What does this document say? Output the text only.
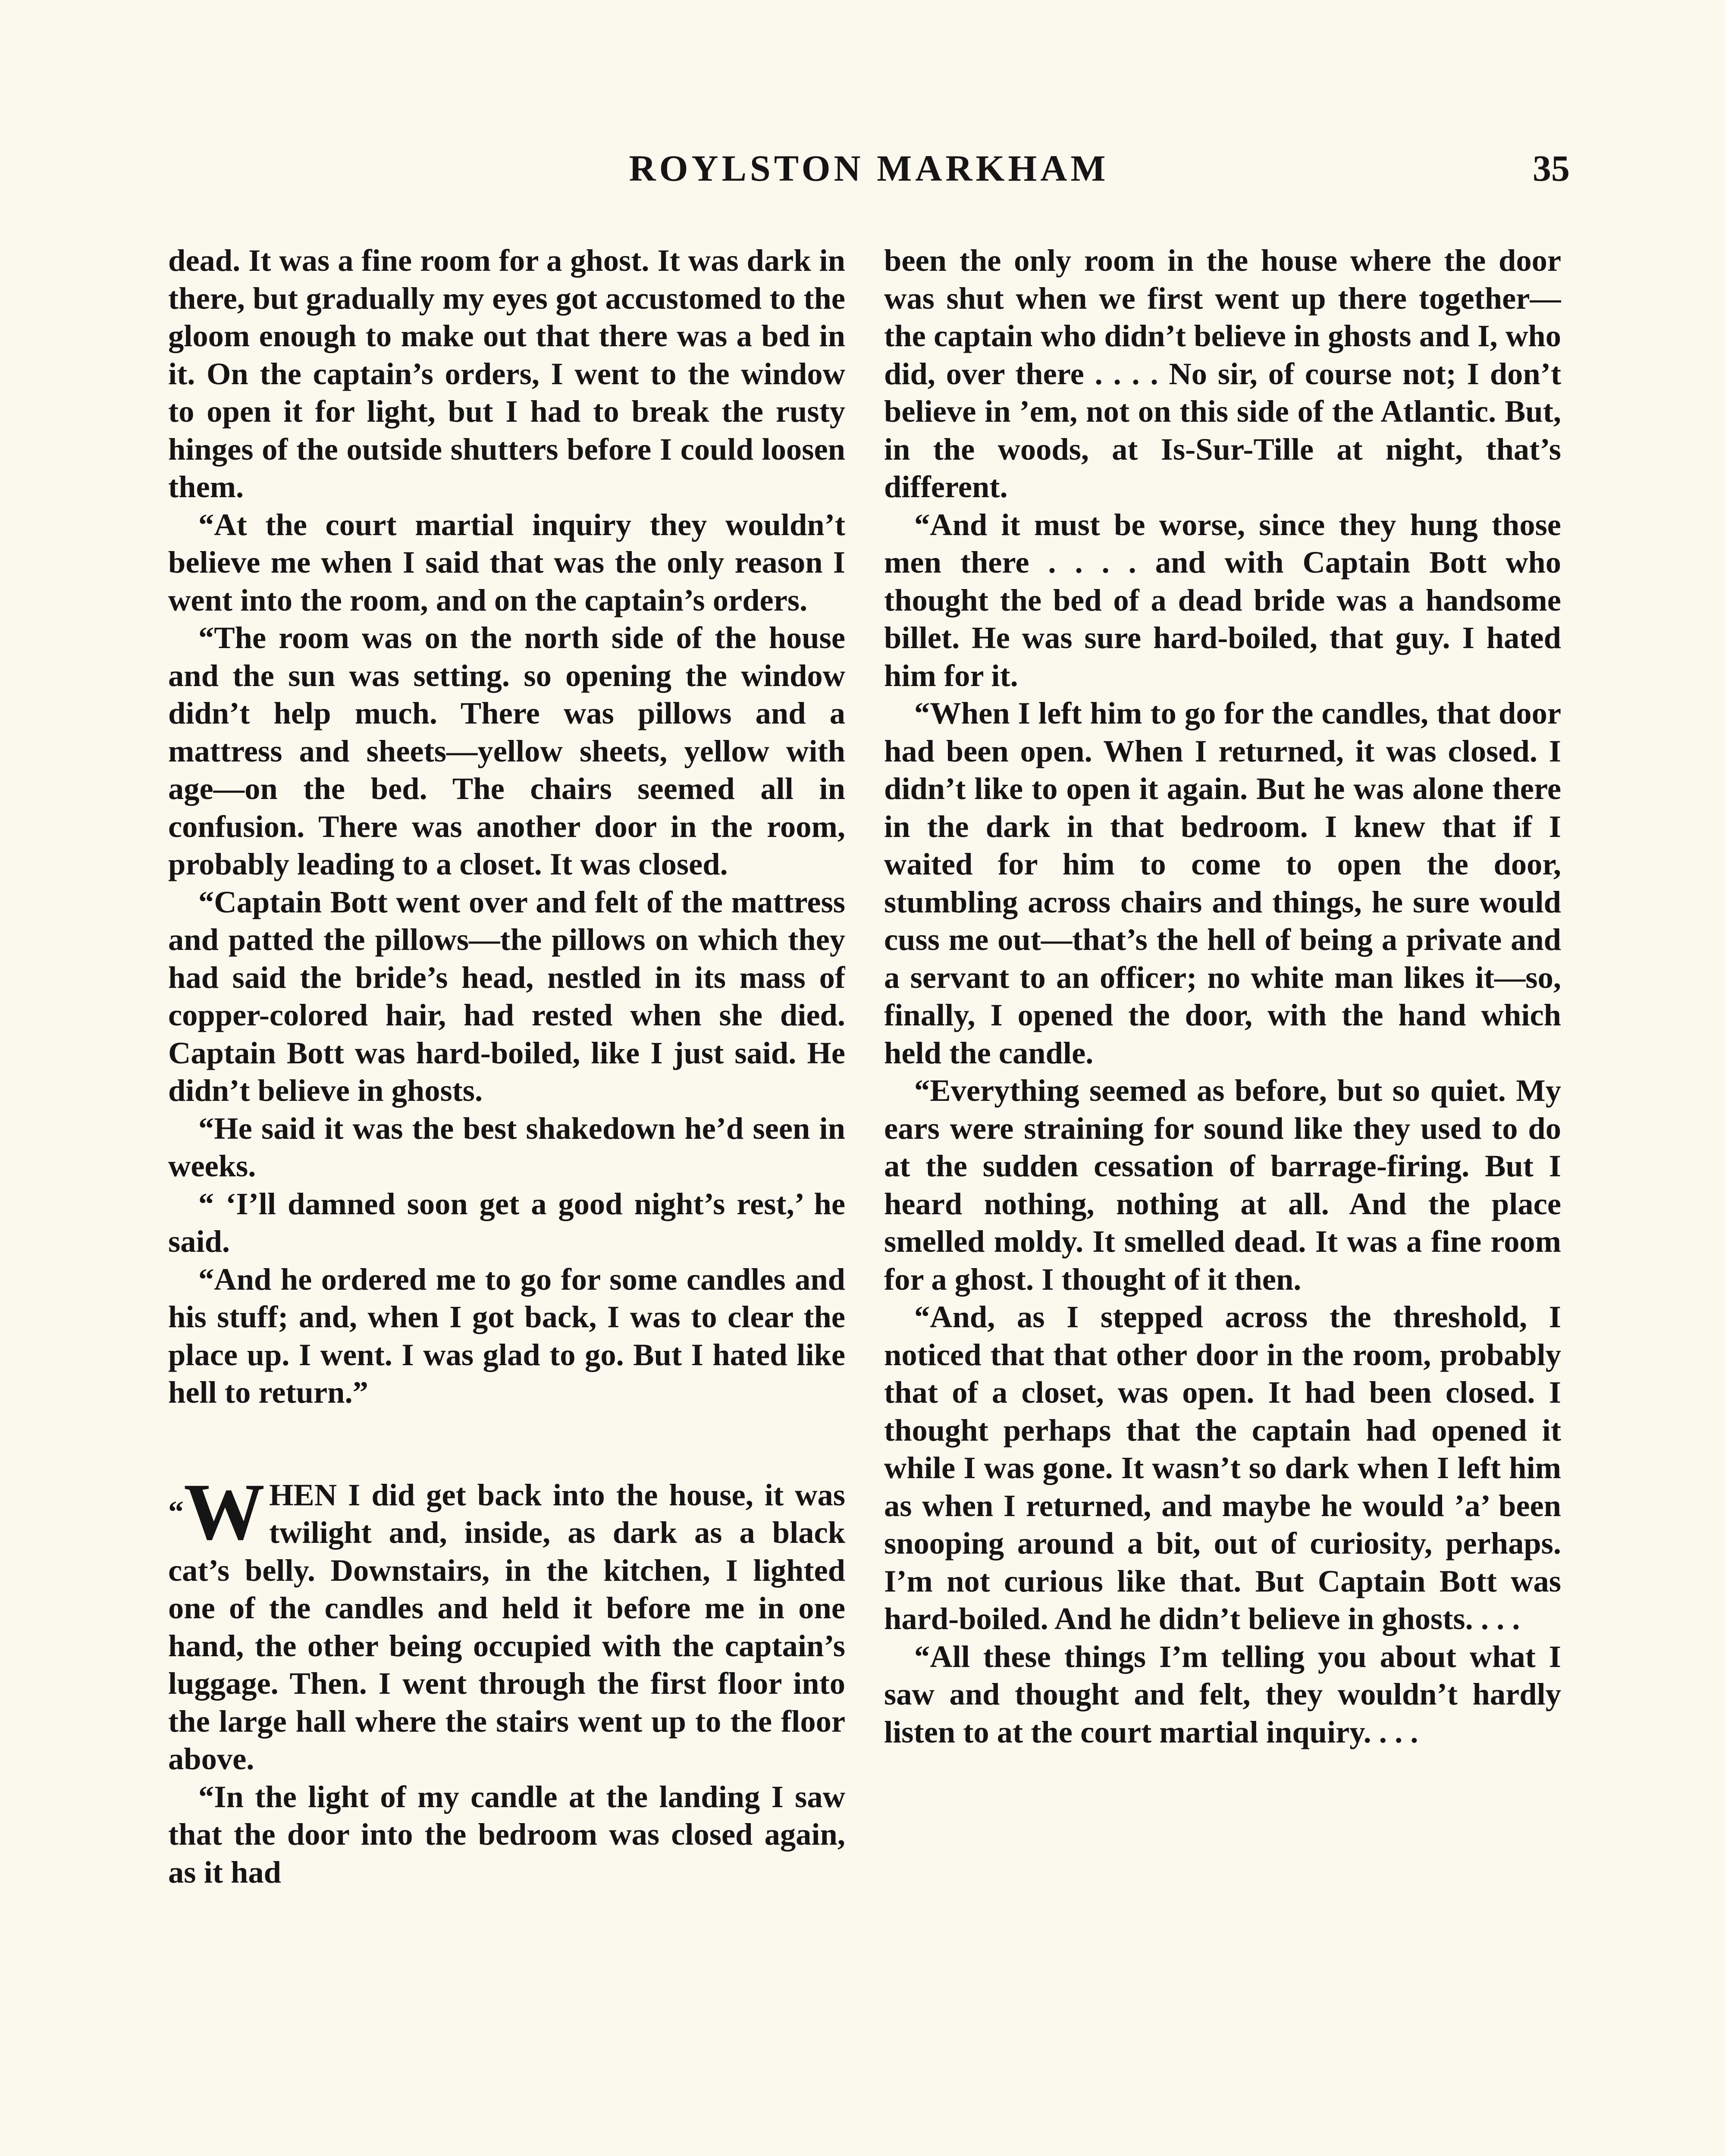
ROYLSTON MARKHAM	35

dead. It was a fine room for a ghost. It was dark in there, but gradually my eyes got accustomed to the gloom enough to make out that there was a bed in it. On the captain’s orders, I went to the window to open it for light, but I had to break the rusty hinges of the outside shutters before I could loosen them.

“At the court martial inquiry they wouldn’t believe me when I said that was the only reason I went into the room, and on the captain’s orders.

“The room was on the north side of the house and the sun was setting. so opening the window didn’t help much. There was pillows and a mattress and sheets—yellow sheets, yellow with age—on the bed. The chairs seemed all in confusion. There was another door in the room, probably leading to a closet. It was closed.

“Captain Bott went over and felt of the mattress and patted the pillows—the pillows on which they had said the bride’s head, nestled in its mass of copper-colored hair, had rested when she died. Captain Bott was hard-boiled, like I just said. He didn’t believe in ghosts.

“He said it was the best shakedown he’d seen in weeks.

“ ‘I’ll damned soon get a good night’s rest,’ he said.

“And he ordered me to go for some candles and his stuff; and, when I got back, I was to clear the place up. I went. I was glad to go. But I hated like hell to return.”

“W HEN I did get back into the house, it was twilight and, inside, as dark as a black cat’s belly. Downstairs, in the kitchen, I lighted one of the candles and held it before me in one hand, the other being occupied with the captain’s luggage. Then. I went through the first floor into the large hall where the stairs went up to the floor above.

“In the light of my candle at the landing I saw that the door into the bedroom was closed again, as it had

been the only room in the house where the door was shut when we first went up there together—the captain who didn’t believe in ghosts and I, who did, over there . . . . No sir, of course not; I don’t believe in ’em, not on this side of the Atlantic. But, in the woods, at Is-Sur-Tille at night, that’s different.

“And it must be worse, since they hung those men there . . . . and with Captain Bott who thought the bed of a dead bride was a handsome billet. He was sure hard-boiled, that guy. I hated him for it.

“When I left him to go for the candles, that door had been open. When I returned, it was closed. I didn’t like to open it again. But he was alone there in the dark in that bedroom. I knew that if I waited for him to come to open the door, stumbling across chairs and things, he sure would cuss me out—that’s the hell of being a private and a servant to an officer; no white man likes it—so, finally, I opened the door, with the hand which held the candle.

“Everything seemed as before, but so quiet. My ears were straining for sound like they used to do at the sudden cessation of barrage-firing. But I heard nothing, nothing at all. And the place smelled moldy. It smelled dead. It was a fine room for a ghost. I thought of it then.

“And, as I stepped across the threshold, I noticed that that other door in the room, probably that of a closet, was open. It had been closed. I thought perhaps that the captain had opened it while I was gone. It wasn’t so dark when I left him as when I returned, and maybe he would ’a’ been snooping around a bit, out of curiosity, perhaps. I’m not curious like that. But Captain Bott was hard-boiled. And he didn’t believe in ghosts. . . .

“All these things I’m telling you about what I saw and thought and felt, they wouldn’t hardly listen to at the court martial inquiry. . . .
